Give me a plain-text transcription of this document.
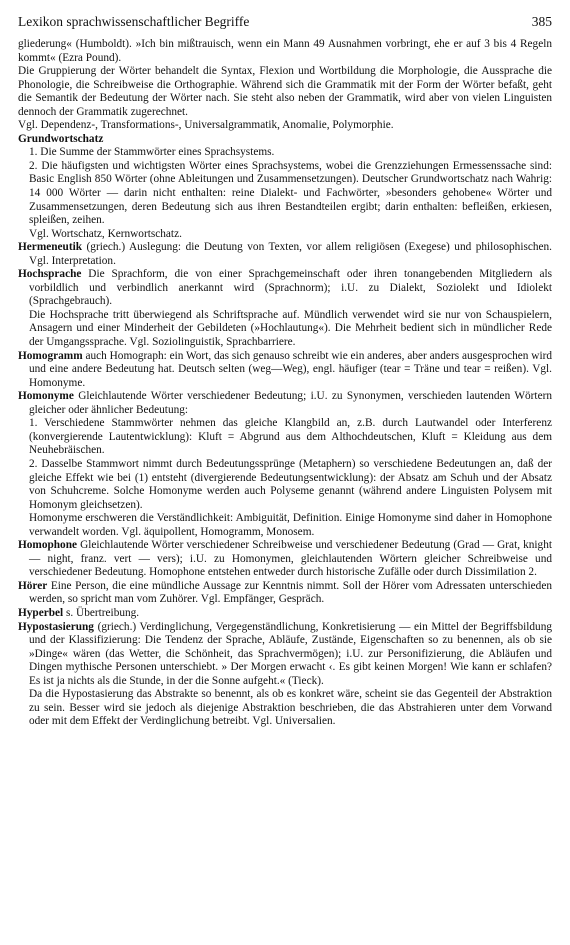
Lexikon sprachwissenschaftlicher Begriffe	385

gliederung« (Humboldt). »Ich bin mißtrauisch, wenn ein Mann 49 Ausnahmen vorbringt, ehe er auf 3 bis 4 Regeln kommt« (Ezra Pound).

Die Gruppierung der Wörter behandelt die Syntax, Flexion und Wortbildung die Morphologie, die Aussprache die Phonologie, die Schreibweise die Orthographie. Während sich die Grammatik mit der Form der Wörter befaßt, geht die Semantik der Bedeutung der Wörter nach. Sie steht also neben der Grammatik, wird aber von vielen Linguisten dennoch der Grammatik zugerechnet.

Vgl. Dependenz-, Transformations-, Universalgrammatik, Anomalie, Polymorphie.

Grundwortschatz

1. Die Summe der Stammwörter eines Sprachsystems.

2. Die häufigsten und wichtigsten Wörter eines Sprachsystems, wobei die Grenzziehungen Ermessenssache sind: Basic English 850 Wörter (ohne Ableitungen und Zusammensetzungen). Deutscher Grundwortschatz nach Wahrig: 14 000 Wörter — darin nicht enthalten: reine Dialekt- und Fachwörter, »besonders gehobene« Wörter und Zusammensetzungen, deren Bedeutung sich aus ihren Bestandteilen ergibt; darin enthalten: befleißen, erkiesen, spleißen, zeihen.

Vgl. Wortschatz, Kernwortschatz.

Hermeneutik (griech.) Auslegung: die Deutung von Texten, vor allem religiösen (Exegese) und philosophischen. Vgl. Interpretation.

Hochsprache Die Sprachform, die von einer Sprachgemeinschaft oder ihren tonangebenden Mitgliedern als vorbildlich und verbindlich anerkannt wird (Sprachnorm); i.U. zu Dialekt, Soziolekt und Idiolekt (Sprachgebrauch).

Die Hochsprache tritt überwiegend als Schriftsprache auf. Mündlich verwendet wird sie nur von Schauspielern, Ansagern und einer Minderheit der Gebildeten (»Hochlautung«). Die Mehrheit bedient sich in mündlicher Rede der Umgangssprache. Vgl. Soziolinguistik, Sprachbarriere.

Homogramm auch Homograph: ein Wort, das sich genauso schreibt wie ein anderes, aber anders ausgesprochen wird und eine andere Bedeutung hat. Deutsch selten (weg—Weg), engl. häufiger (tear = Träne und tear = reißen). Vgl. Homonyme.

Homonyme Gleichlautende Wörter verschiedener Bedeutung; i.U. zu Synonymen, verschieden lautenden Wörtern gleicher oder ähnlicher Bedeutung:

1. Verschiedene Stammwörter nehmen das gleiche Klangbild an, z.B. durch Lautwandel oder Interferenz (konvergierende Lautentwicklung): Kluft = Abgrund aus dem Althochdeutschen, Kluft = Kleidung aus dem Neuhebräischen.

2. Dasselbe Stammwort nimmt durch Bedeutungssprünge (Metaphern) so verschiedene Bedeutungen an, daß der gleiche Effekt wie bei (1) entsteht (divergierende Bedeutungsentwicklung): der Absatz am Schuh und der Absatz von Schuhcreme. Solche Homonyme werden auch Polyseme genannt (während andere Linguisten Polysem mit Homonym gleichsetzen).

Homonyme erschweren die Verständlichkeit: Ambiguität, Definition. Einige Homonyme sind daher in Homophone verwandelt worden. Vgl. äquipollent, Homogramm, Monosem.

Homophone Gleichlautende Wörter verschiedener Schreibweise und verschiedener Bedeutung (Grad — Grat, knight — night, franz. vert — vers); i.U. zu Homonymen, gleichlautenden Wörtern gleicher Schreibweise und verschiedener Bedeutung. Homophone entstehen entweder durch historische Zufälle oder durch Dissimilation 2.

Hörer Eine Person, die eine mündliche Aussage zur Kenntnis nimmt. Soll der Hörer vom Adressaten unterschieden werden, so spricht man vom Zuhörer. Vgl. Empfänger, Gespräch.

Hyperbel s. Übertreibung.

Hypostasierung (griech.) Verdinglichung, Vergegenständlichung, Konkretisierung — ein Mittel der Begriffsbildung und der Klassifizierung: Die Tendenz der Sprache, Abläufe, Zustände, Eigenschaften so zu benennen, als ob sie »Dinge« wären (das Wetter, die Schönheit, das Sprachvermögen); i.U. zur Personifizierung, die Abläufen und Dingen mythische Personen unterschiebt. » Der Morgen erwacht ‹. Es gibt keinen Morgen! Wie kann er schlafen? Es ist ja nichts als die Stunde, in der die Sonne aufgeht.« (Tieck).

Da die Hypostasierung das Abstrakte so benennt, als ob es konkret wäre, scheint sie das Gegenteil der Abstraktion zu sein. Besser wird sie jedoch als diejenige Abstraktion beschrieben, die das Abstrahieren unter dem Vorwand oder mit dem Effekt der Verdinglichung betreibt. Vgl. Universalien.
